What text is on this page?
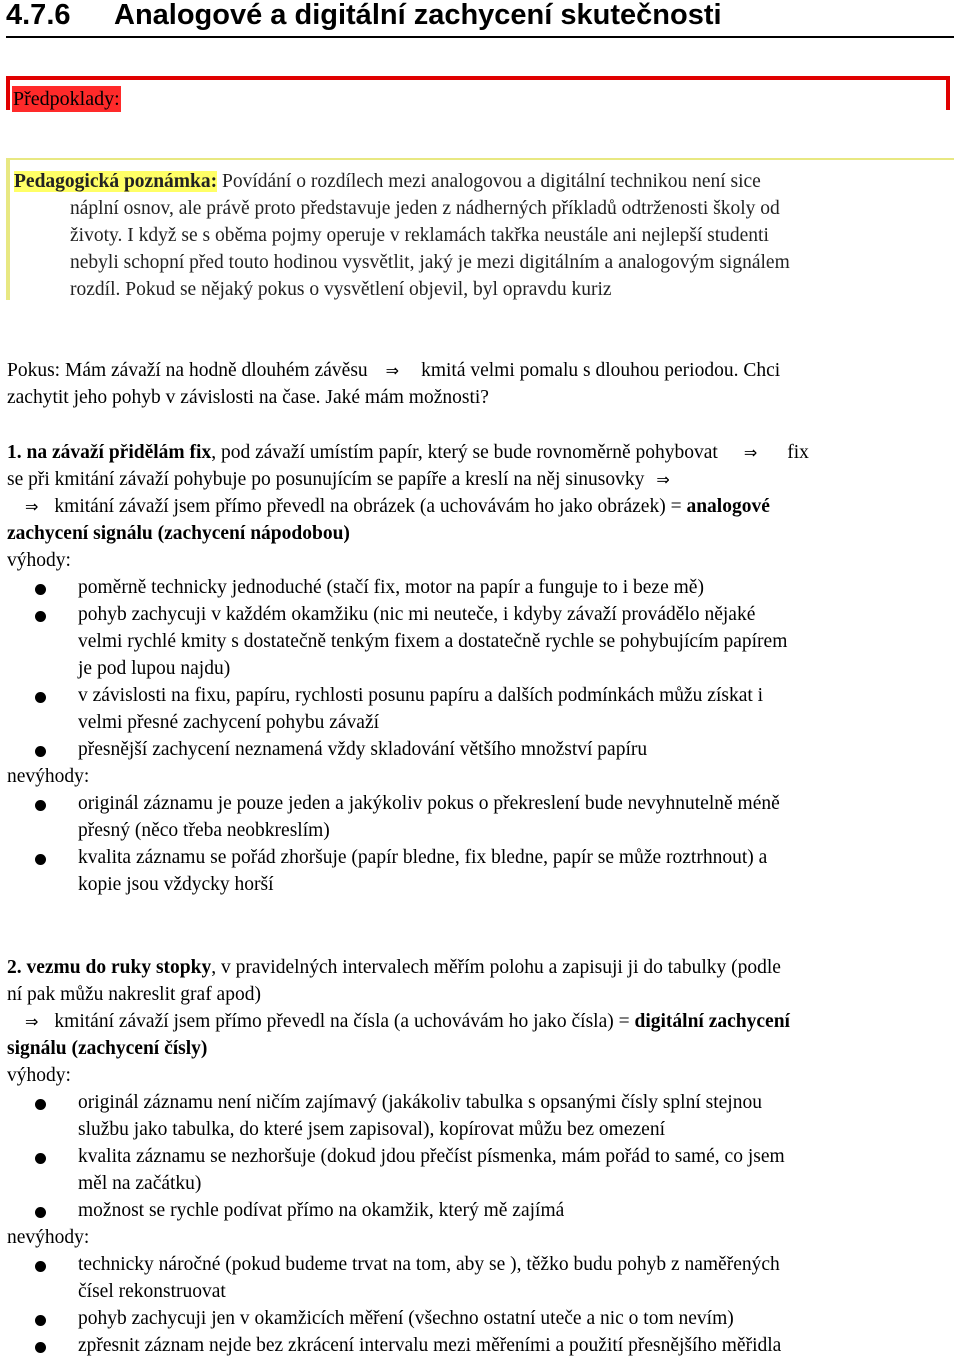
4.7.6 Analogové a digitální zachycení skutečnosti
Předpoklady:
Pedagogická poznámka: Povídání o rozdílech mezi analogovou a digitální technikou není sice
náplní osnov, ale právě proto představuje jeden z nádherných příkladů odtrženosti školy od
životy. I když se s oběma pojmy operuje v reklamách takřka neustále ani nejlepší studenti
nebyli schopní před touto hodinou vysvětlit, jaký je mezi digitálním a analogovým signálem
rozdíl. Pokud se nějaký pokus o vysvětlení objevil, byl opravdu kuriz
Pokus: Mám závaží na hodně dlouhém závěsu ⇒ kmitá velmi pomalu s dlouhou periodou. Chci
zachytit jeho pohyb v závislosti na čase. Jaké mám možnosti?
1. na závaží přidělám fix, pod závaží umístím papír, který se bude rovnoměrně pohybovat ⇒ fix
se při kmitání závaží pohybuje po posunujícím se papíře a kreslí na něj sinusovky ⇒
⇒ kmitání závaží jsem přímo převedl na obrázek (a uchovávám ho jako obrázek) = analogové
zachycení signálu (zachycení nápodobou)
výhody:
poměrně technicky jednoduché (stačí fix, motor na papír a funguje to i beze mě)
pohyb zachycuji v každém okamžiku (nic mi neuteče, i kdyby závaží provádělo nějaké
velmi rychlé kmity s dostatečně tenkým fixem a dostatečně rychle se pohybujícím papírem
je pod lupou najdu)
v závislosti na fixu, papíru, rychlosti posunu papíru a dalších podmínkách můžu získat i
velmi přesné zachycení pohybu závaží
přesnější zachycení neznamená vždy skladování většího množství papíru
nevýhody:
originál záznamu je pouze jeden a jakýkoliv pokus o překreslení bude nevyhnutelně méně
přesný (něco třeba neobkreslím)
kvalita záznamu se pořád zhoršuje (papír bledne, fix bledne, papír se může roztrhnout) a
kopie jsou vždycky horší
2. vezmu do ruky stopky, v pravidelných intervalech měřím polohu a zapisuji ji do tabulky (podle
ní pak můžu nakreslit graf apod)
⇒ kmitání závaží jsem přímo převedl na čísla (a uchovávám ho jako čísla) = digitální zachycení
signálu (zachycení čísly)
výhody:
originál záznamu není ničím zajímavý (jakákoliv tabulka s opsanými čísly splní stejnou
službu jako tabulka, do které jsem zapisoval), kopírovat můžu bez omezení
kvalita záznamu se nezhoršuje (dokud jdou přečíst písmenka, mám pořád to samé, co jsem
měl na začátku)
možnost se rychle podívat přímo na okamžik, který mě zajímá
nevýhody:
technicky náročné (pokud budeme trvat na tom, aby se ), těžko budu pohyb z naměřených
čísel rekonstruovat
pohyb zachycuji jen v okamžicích měření (všechno ostatní uteče a nic o tom nevím)
zpřesnit záznam nejde bez zkrácení intervalu mezi měřeními a použití přesnějšího měřidla
